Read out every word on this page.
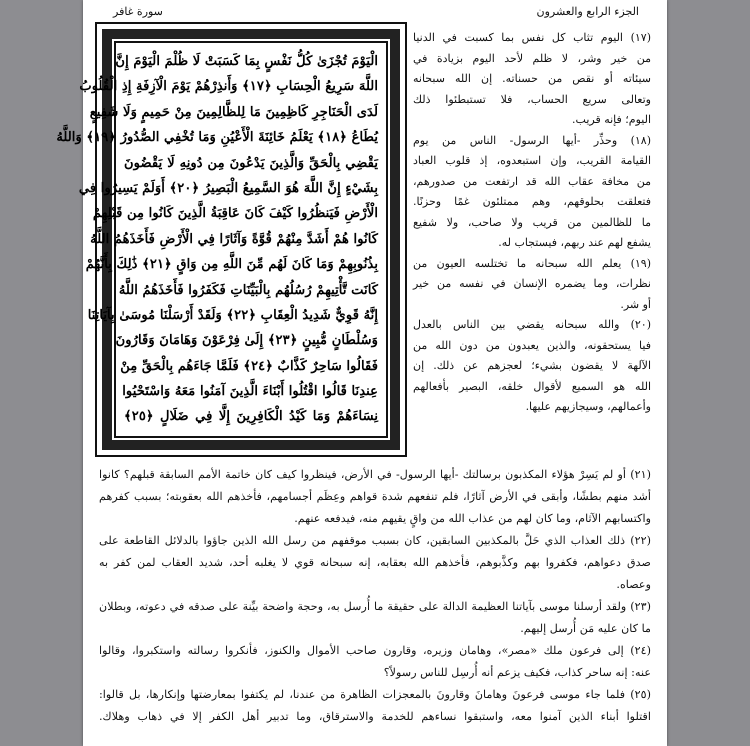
سورة غافر	الجزء الرابع والعشرون
الْيَوْمَ تُجْزَىٰ كُلُّ نَفْسٍ بِمَا كَسَبَتْ لَا ظُلْمَ الْيَوْمَ إِنَّ
اللَّهَ سَرِيعُ الْحِسَابِ ﴿١٧﴾ وَأَنذِرْهُمْ يَوْمَ الْآزِفَةِ إِذِ الْقُلُوبُ
لَدَى الْحَنَاجِرِ كَاظِمِينَ مَا لِلظَّالِمِينَ مِنْ حَمِيمٍ وَلَا شَفِيعٍ
يُطَاعُ ﴿١٨﴾ يَعْلَمُ خَائِنَةَ الْأَعْيُنِ وَمَا تُخْفِي الصُّدُورُ ﴿١٩﴾ وَاللَّهُ
يَقْضِي بِالْحَقِّ وَالَّذِينَ يَدْعُونَ مِن دُونِهِ لَا يَقْضُونَ
بِشَيْءٍ إِنَّ اللَّهَ هُوَ السَّمِيعُ الْبَصِيرُ ﴿٢٠﴾ أَوَلَمْ يَسِيرُوا فِي
الْأَرْضِ فَيَنظُرُوا كَيْفَ كَانَ عَاقِبَةُ الَّذِينَ كَانُوا مِن قَبْلِهِمْ
كَانُوا هُمْ أَشَدَّ مِنْهُمْ قُوَّةً وَآثَارًا فِي الْأَرْضِ فَأَخَذَهُمُ اللَّهُ
بِذُنُوبِهِمْ وَمَا كَانَ لَهُم مِّنَ اللَّهِ مِن وَاقٍ ﴿٢١﴾ ذَٰلِكَ بِأَنَّهُمْ
كَانَت تَّأْتِيهِمْ رُسُلُهُم بِالْبَيِّنَاتِ فَكَفَرُوا فَأَخَذَهُمُ اللَّهُ
إِنَّهُ قَوِيٌّ شَدِيدُ الْعِقَابِ ﴿٢٢﴾ وَلَقَدْ أَرْسَلْنَا مُوسَىٰ بِآيَاتِنَا
وَسُلْطَانٍ مُّبِينٍ ﴿٢٣﴾ إِلَىٰ فِرْعَوْنَ وَهَامَانَ وَقَارُونَ
فَقَالُوا سَاحِرٌ كَذَّابٌ ﴿٢٤﴾ فَلَمَّا جَاءَهُم بِالْحَقِّ مِنْ
عِندِنَا قَالُوا اقْتُلُوا أَبْنَاءَ الَّذِينَ آمَنُوا مَعَهُ وَاسْتَحْيُوا
نِسَاءَهُمْ وَمَا كَيْدُ الْكَافِرِينَ إِلَّا فِي ضَلَالٍ ﴿٢٥﴾
(١٧) اليوم تثاب كل نفس بما كسبت في الدنيا
من خير وشر، لا ظلم لأحد اليوم بزيادة في
سيئاته أو نقص من حسناته. إن الله سبحانه
وتعالى سريع الحساب، فلا تستبطئوا ذلك
اليوم؛ فإنه قريب.
(١٨) وحذِّر -أيها الرسول- الناس من يوم
القيامة القريب، وإن استبعدوه، إذ قلوب العباد
من مخافة عقاب الله قد ارتفعت من صدورهم،
فتعلقت بحلوقهم، وهم ممتلئون غمًا وحزنًا.
ما للظالمين من قريب ولا صاحب، ولا شفيع
يشفع لهم عند ربهم، فيستجاب له.
(١٩) يعلم الله سبحانه ما تختلسه العيون من
نظرات، وما يضمره الإنسان في نفسه من خير
أو شر.
(٢٠) والله سبحانه يقضي بين الناس بالعدل
فيا يستحقونه، والذين يعبدون من دون الله من
الآلهة لا يقضون بشيء؛ لعجزهم عن ذلك. إن
الله هو السميع لأقوال خلقه، البصير بأفعالهم
وأعمالهم، وسيجازيهم عليها.
(٢١) أو لم يَسِرْ هؤلاء المكذبون برسالتك -أيها الرسول- في الأرض، فينظروا كيف كان خاتمة الأمم السابقة قبلهم؟ كانوا
أشد منهم بطشًا، وأبقى في الأرض آثارًا، فلم تنفعهم شدة قواهم وعِظَم أجسامهم، فأخذهم الله بعقوبته؛ بسبب كفرهم
واكتسابهم الآثام، وما كان لهم من عذاب الله من واقٍ يقيهم منه، فيدفعه عنهم.
(٢٢) ذلك العذاب الذي حَلَّ بالمكذبين السابقين، كان بسبب موقفهم من رسل الله الذين جاؤوا بالدلائل القاطعة على
صدق دعواهم، فكفروا بهم وكذَّبوهم، فأخذهم الله بعقابه، إنه سبحانه قوي لا يغلبه أحد، شديد العقاب لمن كفر به
وعصاه.
(٢٣) ولقد أرسلنا موسى بآياتنا العظيمة الدالة على حقيقة ما أُرسل به، وحجة واضحة بيِّنة على صدقه في دعوته، وبطلان
ما كان عليه مَن أُرسل إليهم.
(٢٤) إلى فرعون ملك «مصر»، وهامان وزيره، وقارون صاحب الأموال والكنوز، فأنكروا رسالته واستكبروا، وقالوا
عنه: إنه ساحر كذاب، فكيف يزعم أنه أُرسِل للناس رسولاً؟
(٢٥) فلما جاء موسى فرعونَ وهامانَ وقارونَ بالمعجزات الظاهرة من عندنا، لم يكتفوا بمعارضتها وإنكارها، بل قالوا:
اقتلوا أبناء الذين آمنوا معه، واستبقوا نساءهم للخدمة والاسترقاق، وما تدبير أهل الكفر إلا في ذهاب وهلاك.
